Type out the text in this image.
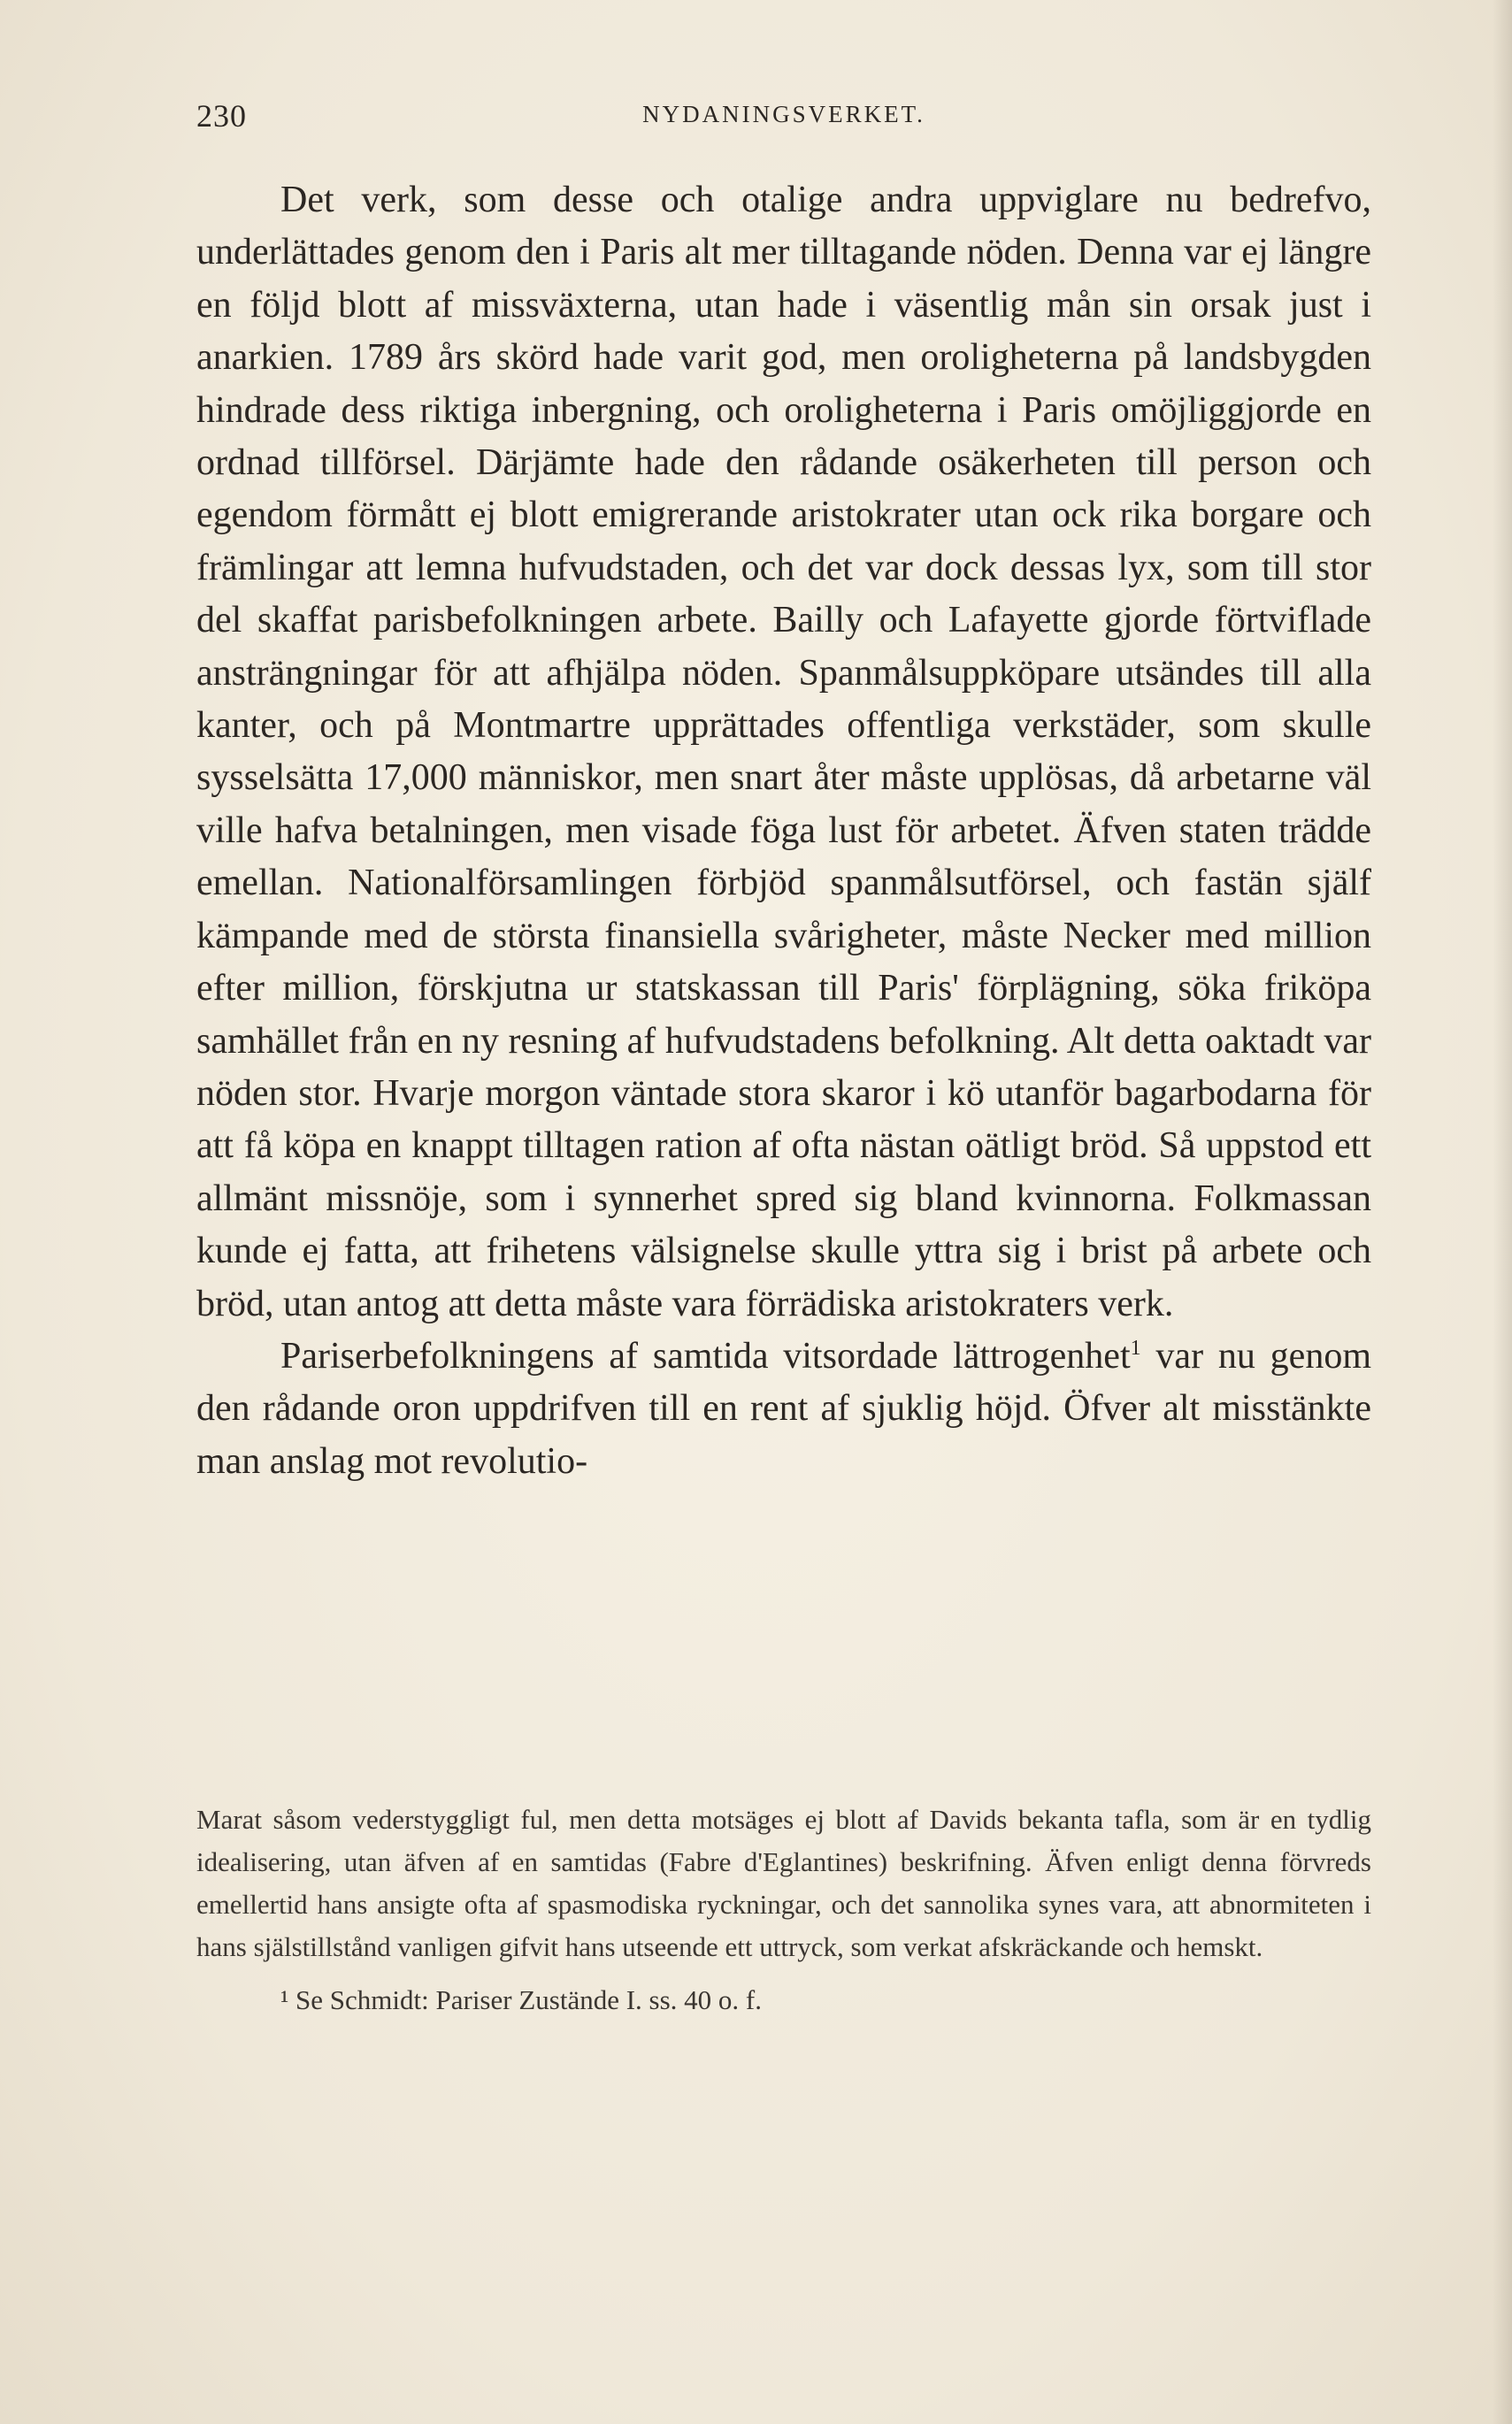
230	NYDANINGSVERKET.

Det verk, som desse och otalige andra uppviglare nu bedrefvo, underlättades genom den i Paris alt mer tilltagande nöden. Denna var ej längre en följd blott af missväxterna, utan hade i väsentlig mån sin orsak just i anarkien. 1789 års skörd hade varit god, men oroligheterna på landsbygden hindrade dess riktiga inbergning, och oroligheterna i Paris omöjliggjorde en ordnad tillförsel. Därjämte hade den rådande osäkerheten till person och egendom förmått ej blott emigrerande aristokrater utan ock rika borgare och främlingar att lemna hufvudstaden, och det var dock dessas lyx, som till stor del skaffat parisbefolkningen arbete. Bailly och Lafayette gjorde förtviflade ansträngningar för att afhjälpa nöden. Spanmålsuppköpare utsändes till alla kanter, och på Montmartre upprättades offentliga verkstäder, som skulle sysselsätta 17,000 människor, men snart åter måste upplösas, då arbetarne väl ville hafva betalningen, men visade föga lust för arbetet. Äfven staten trädde emellan. Nationalförsamlingen förbjöd spanmålsutförsel, och fastän själf kämpande med de största finansiella svårigheter, måste Necker med million efter million, förskjutna ur statskassan till Paris' förplägning, söka friköpa samhället från en ny resning af hufvudstadens befolkning. Alt detta oaktadt var nöden stor. Hvarje morgon väntade stora skaror i kö utanför bagarbodarna för att få köpa en knappt tilltagen ration af ofta nästan oätligt bröd. Så uppstod ett allmänt missnöje, som i synnerhet spred sig bland kvinnorna. Folkmassan kunde ej fatta, att frihetens välsignelse skulle yttra sig i brist på arbete och bröd, utan antog att detta måste vara förrädiska aristokraters verk.

Pariserbefolkningens af samtida vitsordade lättrogenhet$^1$ var nu genom den rådande oron uppdrifven till en rent af sjuklig höjd. Öfver alt misstänkte man anslag mot revolutio-

Marat såsom vederstyggligt ful, men detta motsäges ej blott af Davids bekanta tafla, som är en tydlig idealisering, utan äfven af en samtidas (Fabre d'Eglantines) beskrifning. Äfven enligt denna förvreds emellertid hans ansigte ofta af spasmodiska ryckningar, och det sannolika synes vara, att abnormiteten i hans själstillstånd vanligen gifvit hans utseende ett uttryck, som verkat afskräckande och hemskt.

¹ Se Schmidt: Pariser Zustände I. ss. 40 o. f.
